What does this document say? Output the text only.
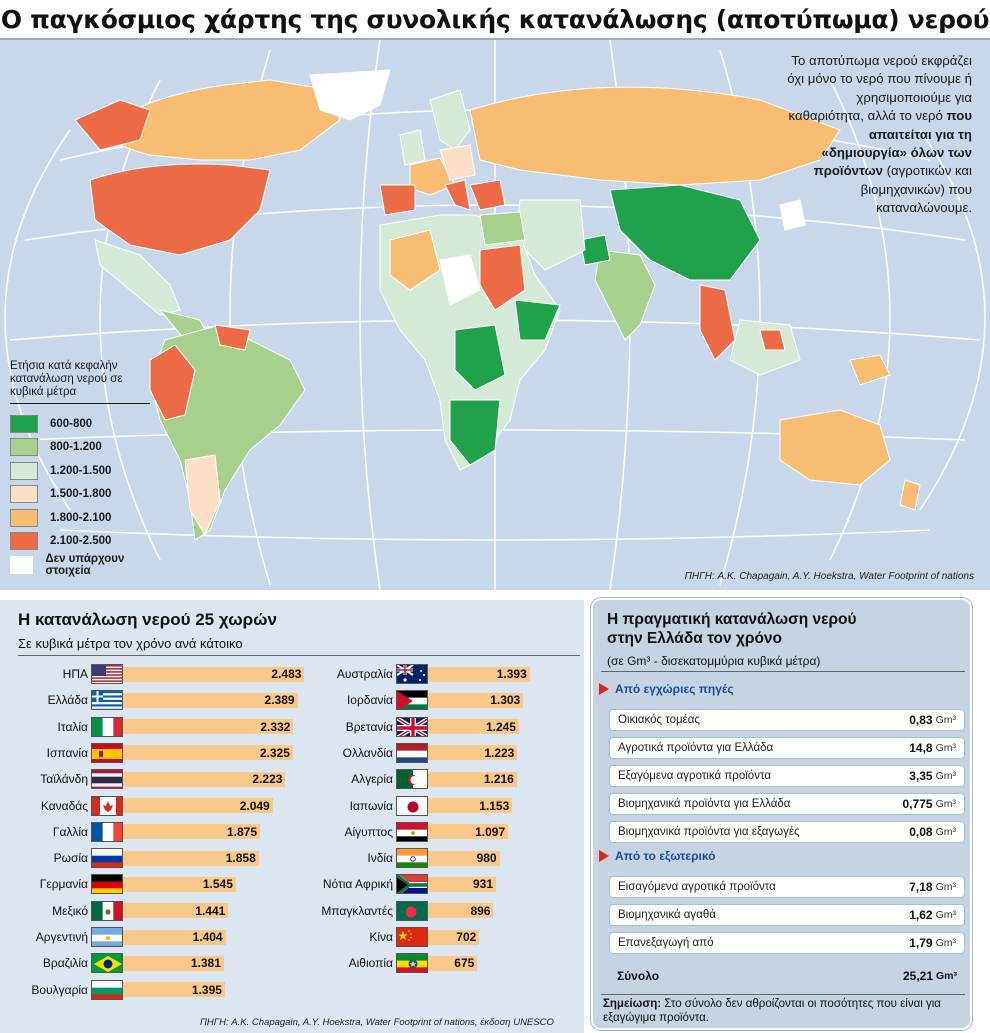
Ο παγκόσμιος χάρτης της συνολικής κατανάλωσης (αποτύπωμα) νερού
Το αποτύπωμα νερού εκφράζει όχι μόνο το νερό που πίνουμε ή χρησιμοποιούμε για καθαριότητα, αλλά το νερό που απαιτείται για τη «δημιουργία» όλων των προϊόντων (αγροτικών και βιομηχανικών) που καταναλώνουμε.
Ετήσια κατά κεφαλήν κατανάλωση νερού σε κυβικά μέτρα
600-800
800-1.200
1.200-1.500
1.500-1.800
1.800-2.100
2.100-2.500
Δεν υπάρχουν στοιχεία	ΠΗΓΗ: A.K. Chapagain, A.Y. Hoekstra, Water Footprint of nations
Η κατανάλωση νερού 25 χωρών
Σε κυβικά μέτρα τον χρόνο ανά κάτοικο
ΗΠΑ	2.483
Ελλάδα	2.389
Ιταλία	2.332
Ισπανία	2.325
Ταϊλάνδη	2.223
Καναδάς	2.049
Γαλλία	1.875
Ρωσία	1.858
Γερμανία	1.545
Μεξικό	1.441
Αργεντινή	1.404
Βραζιλία	1.381
Βουλγαρία	1.395
Αυστραλία	1.393
Ιορδανία	1.303
Βρετανία	1.245
Ολλανδία	1.223
Αλγερία	1.216
Ιαπωνία	1.153
Αίγυπτος	1.097
Ινδία	980
Νότια Αφρική	931
Μπαγκλαντές	896
Κίνα	702
Αιθιοπία	675
ΠΗΓΗ: A.K. Chapagain, A.Y. Hoekstra, Water Footprint of nations, έκδοση UNESCO
Η πραγματική κατανάλωση νερού
στην Ελλάδα τον χρόνο
(σε Gm³ - δισεκατομμύρια κυβικά μέτρα)
Από εγχώριες πηγές
Οικιακός τομέας	0,83 Gm³
Αγροτικά προϊόντα για Ελλάδα	14,8 Gm³
Εξαγόμενα αγροτικά προϊόντα	3,35 Gm³
Βιομηχανικά προϊόντα για Ελλάδα	0,775 Gm³
Βιομηχανικά προϊόντα για εξαγωγές	0,08 Gm³
Από το εξωτερικό
Εισαγόμενα αγροτικά προϊόντα	7,18 Gm³
Βιομηχανικά αγαθά	1,62 Gm³
Επανεξαγωγή από	1,79 Gm³
Σύνολο	25,21 Gm³
Σημείωση: Στο σύνολο δεν αθροίζονται οι ποσότητες που είναι για εξαγώγιμα προϊόντα.
